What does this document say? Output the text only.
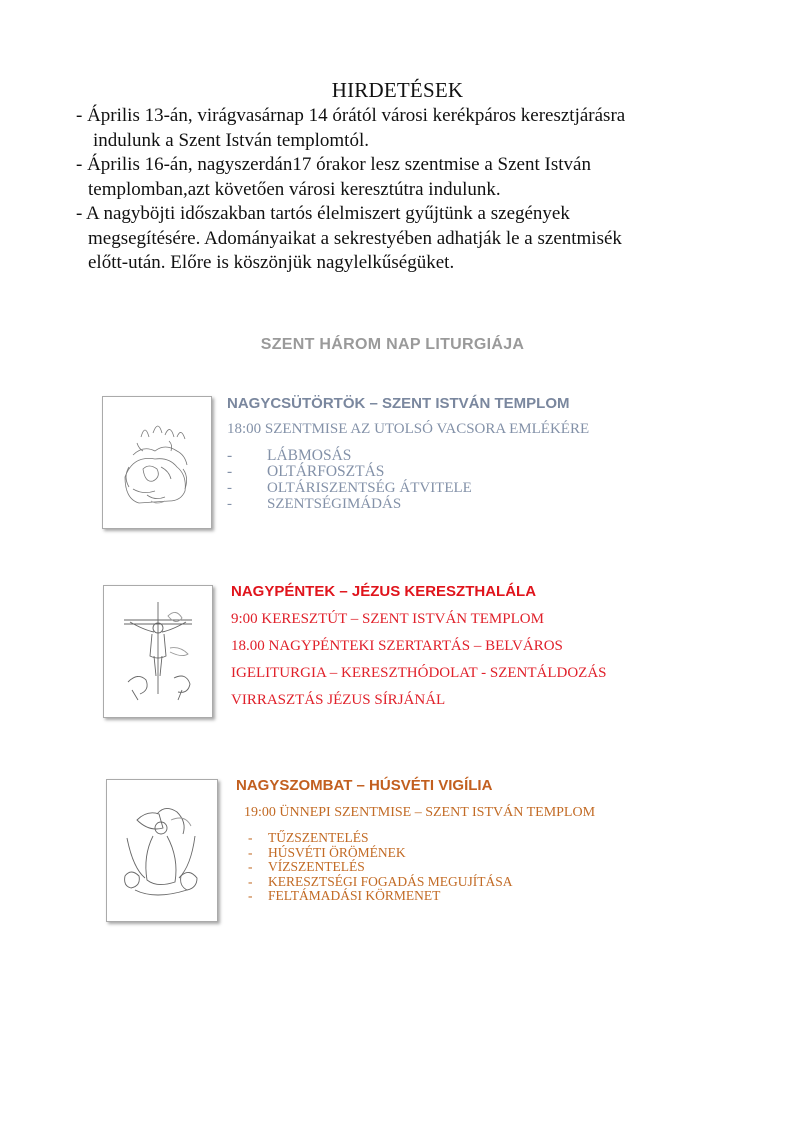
HIRDETÉSEK

- Április 13-án, virágvasárnap 14 órától városi kerékpáros keresztjárásra

indulunk a Szent István templomtól.

- Április 16-án, nagyszerdán17 órakor lesz szentmise a Szent István

templomban,azt követően városi keresztútra indulunk.

- A nagyböjti időszakban tartós élelmiszert gyűjtünk a szegények

megsegítésére. Adományaikat a sekrestyében adhatják le a szentmisék

előtt-után. Előre is köszönjük nagylelkűségüket.

SZENT HÁROM NAP LITURGIÁJA
NAGYCSÜTÖRTÖK – SZENT ISTVÁN TEMPLOM
18:00 SZENTMISE AZ UTOLSÓ VACSORA EMLÉKÉRE
-	LÁBMOSÁS
-	OLTÁRFOSZTÁS
-	OLTÁRISZENTSÉG ÁTVITELE
-	SZENTSÉGIMÁDÁS
NAGYPÉNTEK – JÉZUS KERESZTHALÁLA
9:00 KERESZTÚT – SZENT ISTVÁN TEMPLOM
18.00 NAGYPÉNTEKI SZERTARTÁS – BELVÁROS
IGELITURGIA – KERESZTHÓDOLAT - SZENTÁLDOZÁS
VIRRASZTÁS JÉZUS SÍRJÁNÁL
NAGYSZOMBAT – HÚSVÉTI VIGÍLIA
19:00 ÜNNEPI SZENTMISE – SZENT ISTVÁN TEMPLOM
-	TŰZSZENTELÉS
-	HÚSVÉTI ÖRÖMÉNEK
-	VÍZSZENTELÉS
-	KERESZTSÉGI FOGADÁS MEGUJÍTÁSA
-	FELTÁMADÁSI KÖRMENET
